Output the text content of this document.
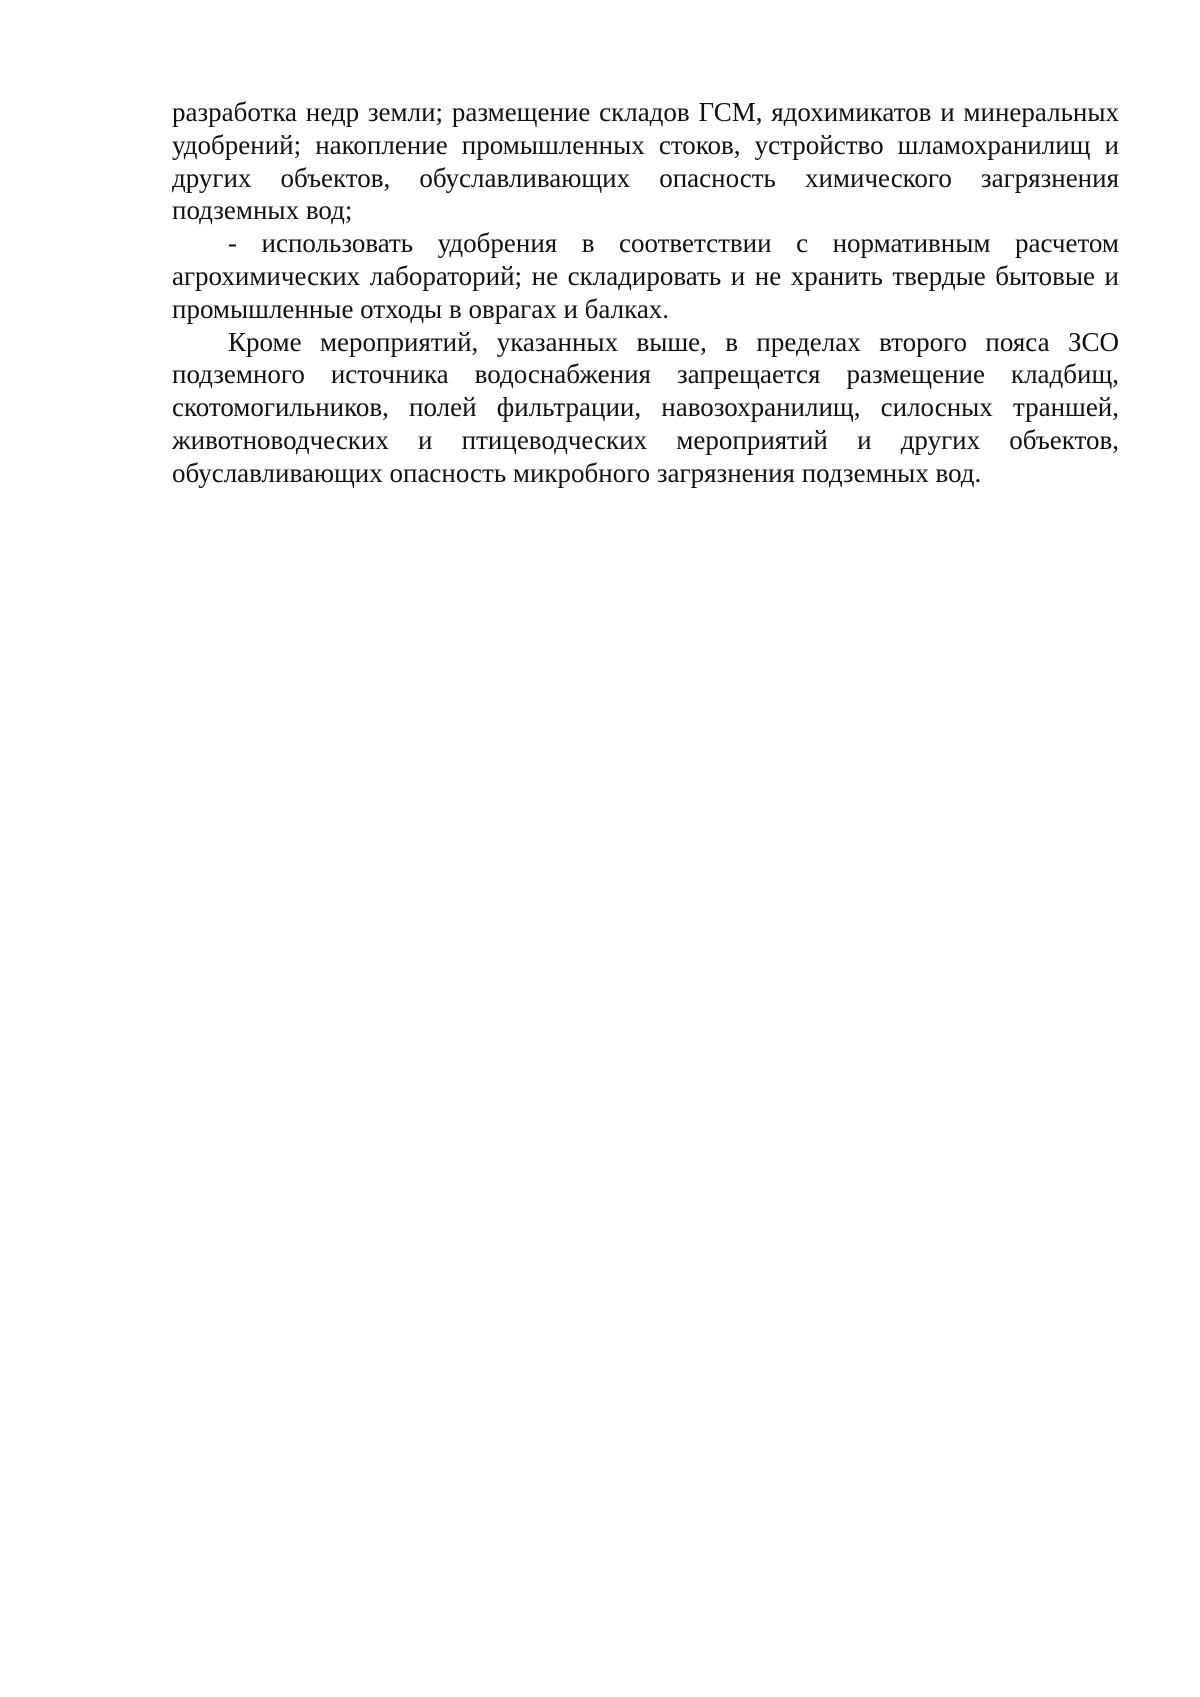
разработка недр земли; размещение складов ГСМ, ядохимикатов и минеральных удобрений; накопление промышленных стоков, устройство шламохранилищ и других объектов, обуславливающих опасность химического загрязнения подземных вод;

- использовать удобрения в соответствии с нормативным расчетом агрохимических лабораторий; не складировать и не хранить твердые бытовые и промышленные отходы в оврагах и балках.

Кроме мероприятий, указанных выше, в пределах второго пояса ЗСО подземного источника водоснабжения запрещается размещение кладбищ, скотомогильников, полей фильтрации, навозохранилищ, силосных траншей, животноводческих и птицеводческих мероприятий и других объектов, обуславливающих опасность микробного загрязнения подземных вод.
